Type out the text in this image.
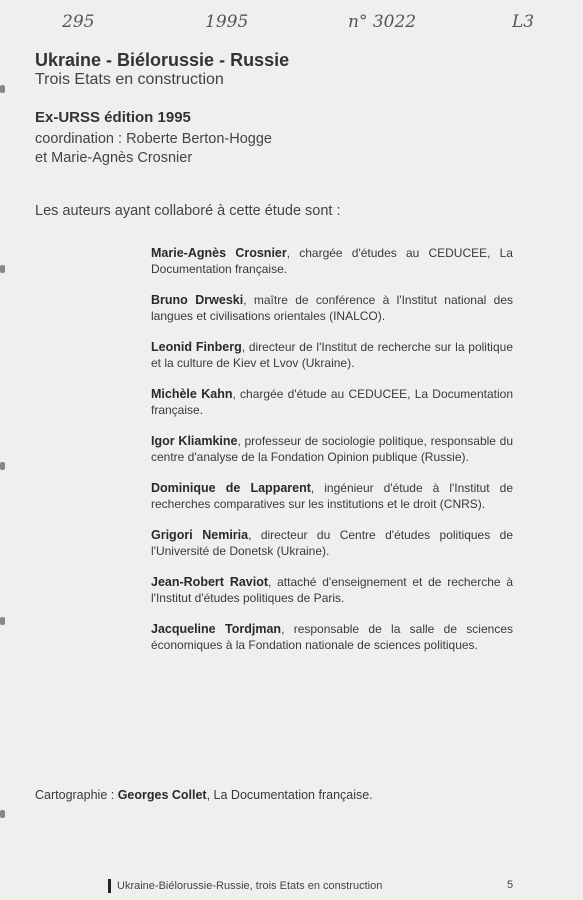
295	1995	n° 3022	L3
Ukraine - Biélorussie - Russie
Trois Etats en construction
Ex-URSS édition 1995
coordination : Roberte Berton-Hogge
et Marie-Agnès Crosnier
Les auteurs ayant collaboré à cette étude sont :

Marie-Agnès Crosnier, chargée d'études au CEDUCEE, La Documentation française.

Bruno Drweski, maître de conférence à l'Institut national des langues et civilisations orientales (INALCO).

Leonid Finberg, directeur de l'Institut de recherche sur la politique et la culture de Kiev et Lvov (Ukraine).

Michèle Kahn, chargée d'étude au CEDUCEE, La Documentation française.

Igor Kliamkine, professeur de sociologie politique, responsable du centre d'analyse de la Fondation Opinion publique (Russie).

Dominique de Lapparent, ingénieur d'étude à l'Institut de recherches comparatives sur les institutions et le droit (CNRS).

Grigori Nemiria, directeur du Centre d'études politiques de l'Université de Donetsk (Ukraine).

Jean-Robert Raviot, attaché d'enseignement et de recherche à l'Institut d'études politiques de Paris.

Jacqueline Tordjman, responsable de la salle de sciences économiques à la Fondation nationale de sciences politiques.

Cartographie : Georges Collet, La Documentation française.
Ukraine-Biélorussie-Russie, trois Etats en construction	5
